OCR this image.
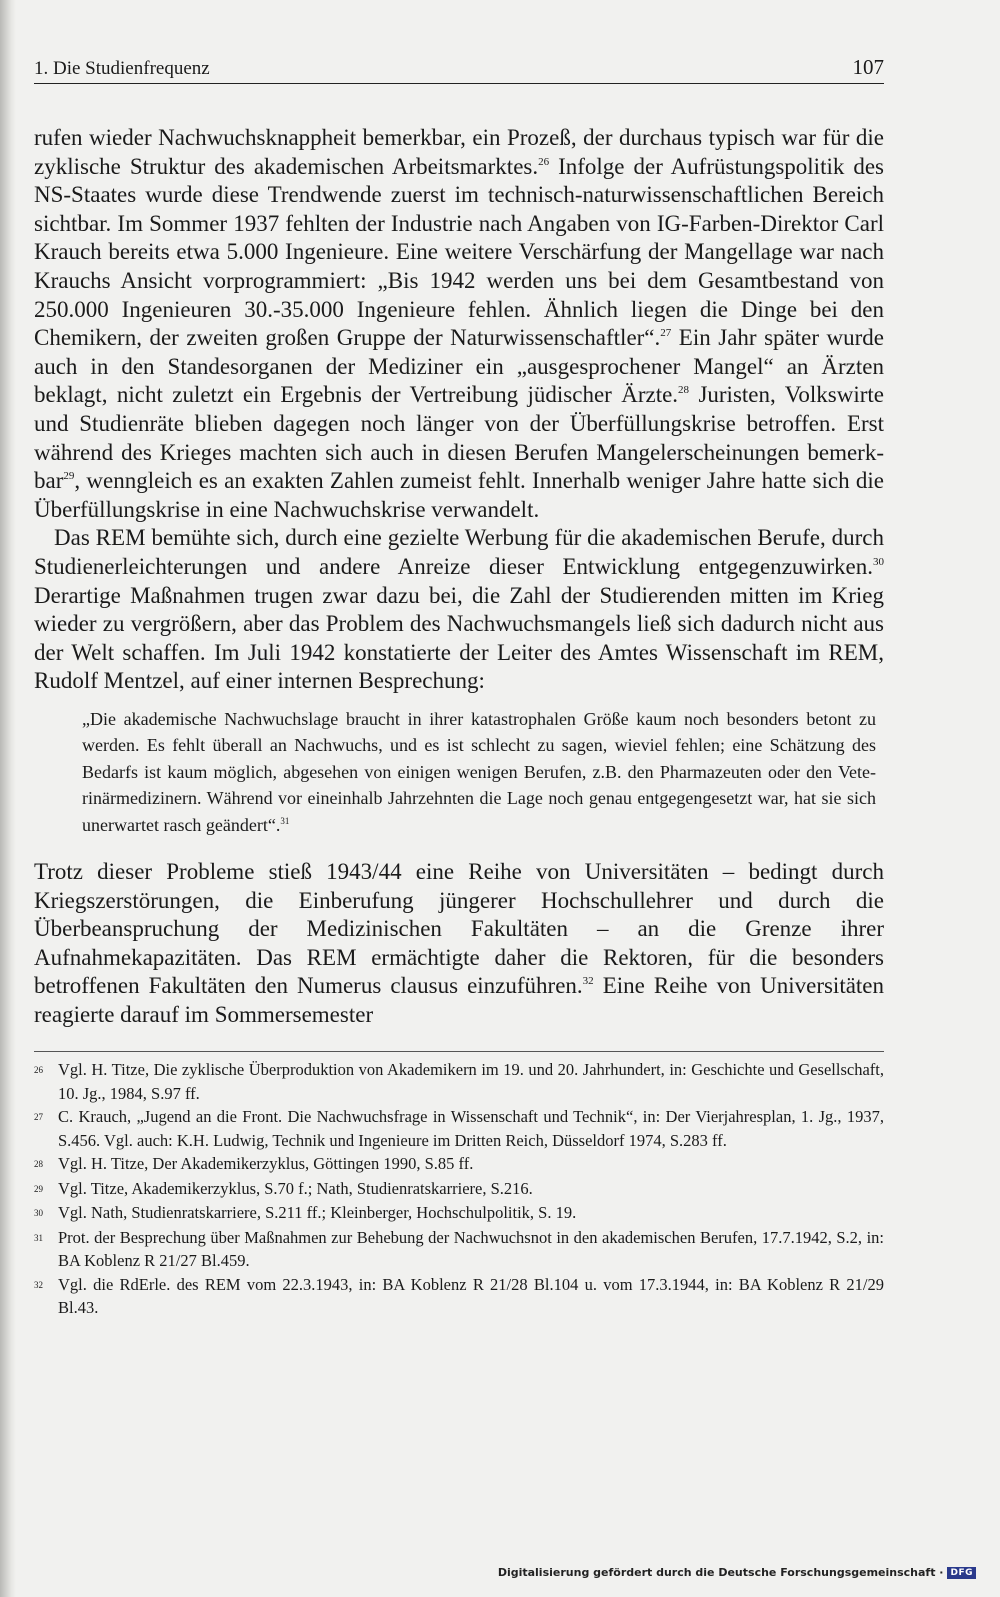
1. Die Studienfrequenz	107

rufen wieder Nachwuchsknappheit bemerkbar, ein Prozeß, der durchaus typisch war für die zyklische Struktur des akademischen Arbeitsmarktes.$^{26}$ Infolge der Aufrüstungspolitik des NS-Staates wurde diese Trendwende zuerst im technisch-naturwissenschaftlichen Bereich sichtbar. Im Sommer 1937 fehlten der Industrie nach Angaben von IG-Farben-Direktor Carl Krauch bereits etwa 5.000 Ingenieure. Eine weitere Verschärfung der Mangellage war nach Krauchs Ansicht vorprogrammiert: „Bis 1942 werden uns bei dem Gesamtbestand von 250.000 Ingenieuren 30.-35.000 Ingenieure fehlen. Ähnlich liegen die Dinge bei den Chemikern, der zweiten großen Gruppe der Naturwissenschaftler“.$^{27}$ Ein Jahr später wurde auch in den Standesorganen der Mediziner ein „ausgesprochener Mangel“ an Ärzten beklagt, nicht zuletzt ein Ergebnis der Vertreibung jüdischer Ärzte.$^{28}$ Juristen, Volkswirte und Studienräte blieben dagegen noch länger von der Überfüllungskrise betroffen. Erst während des Krieges machten sich auch in diesen Berufen Mangelerscheinungen bemerkbar$^{29}$, wenngleich es an exakten Zahlen zumeist fehlt. Innerhalb weniger Jahre hatte sich die Überfüllungskrise in eine Nachwuchskrise verwandelt.

Das REM bemühte sich, durch eine gezielte Werbung für die akademischen Berufe, durch Studienerleichterungen und andere Anreize dieser Entwicklung entgegenzuwirken.$^{30}$ Derartige Maßnahmen trugen zwar dazu bei, die Zahl der Studierenden mitten im Krieg wieder zu vergrößern, aber das Problem des Nachwuchsmangels ließ sich dadurch nicht aus der Welt schaffen. Im Juli 1942 konstatierte der Leiter des Amtes Wissenschaft im REM, Rudolf Mentzel, auf einer internen Besprechung:

„Die akademische Nachwuchslage braucht in ihrer katastrophalen Größe kaum noch besonders betont zu werden. Es fehlt überall an Nachwuchs, und es ist schlecht zu sagen, wieviel fehlen; eine Schätzung des Bedarfs ist kaum möglich, abgesehen von einigen wenigen Berufen, z.B. den Pharmazeuten oder den Veterinärmedizinern. Während vor eineinhalb Jahrzehnten die Lage noch genau entgegengesetzt war, hat sie sich unerwartet rasch geändert“.$^{31}$

Trotz dieser Probleme stieß 1943/44 eine Reihe von Universitäten – bedingt durch Kriegszerstörungen, die Einberufung jüngerer Hochschullehrer und durch die Überbeanspruchung der Medizinischen Fakultäten – an die Grenze ihrer Aufnahmekapazitäten. Das REM ermächtigte daher die Rektoren, für die besonders betroffenen Fakultäten den Numerus clausus einzuführen.$^{32}$ Eine Reihe von Universitäten reagierte darauf im Sommersemester

26 Vgl. H. Titze, Die zyklische Überproduktion von Akademikern im 19. und 20. Jahrhundert, in: Geschichte und Gesellschaft, 10. Jg., 1984, S.97 ff.
27 C. Krauch, „Jugend an die Front. Die Nachwuchsfrage in Wissenschaft und Technik“, in: Der Vierjahresplan, 1. Jg., 1937, S.456. Vgl. auch: K.H. Ludwig, Technik und Ingenieure im Dritten Reich, Düsseldorf 1974, S.283 ff.
28 Vgl. H. Titze, Der Akademikerzyklus, Göttingen 1990, S.85 ff.
29 Vgl. Titze, Akademikerzyklus, S.70 f.; Nath, Studienratskarriere, S.216.
30 Vgl. Nath, Studienratskarriere, S.211 ff.; Kleinberger, Hochschulpolitik, S. 19.
31 Prot. der Besprechung über Maßnahmen zur Behebung der Nachwuchsnot in den akademischen Berufen, 17.7.1942, S.2, in: BA Koblenz R 21/27 Bl.459.
32 Vgl. die RdErle. des REM vom 22.3.1943, in: BA Koblenz R 21/28 Bl.104 u. vom 17.3.1944, in: BA Koblenz R 21/29 Bl.43.
Digitalisierung gefördert durch die Deutsche Forschungsgemeinschaft · DFG
